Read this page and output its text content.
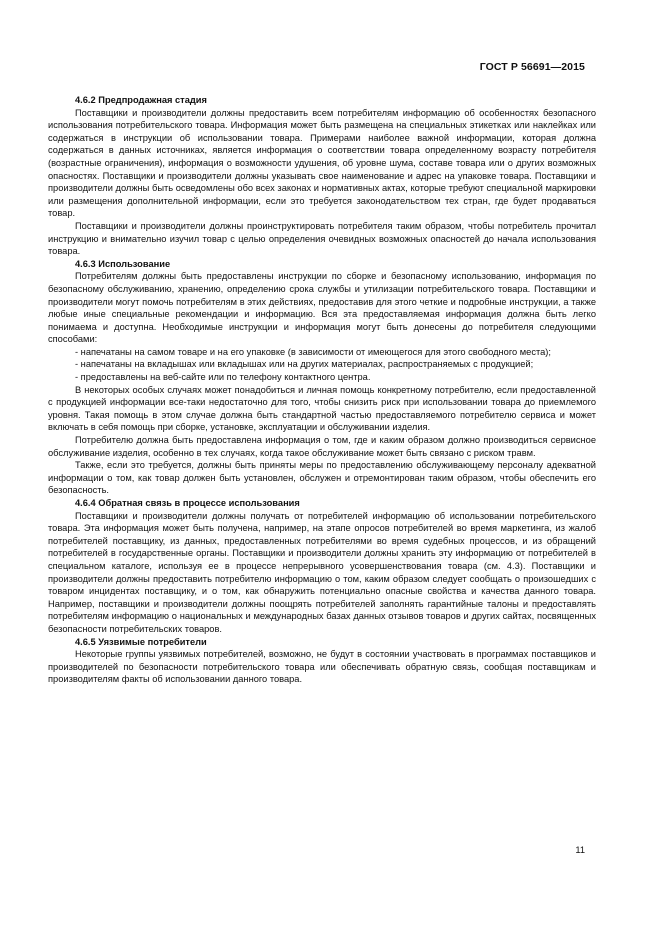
ГОСТ Р 56691—2015
4.6.2 Предпродажная стадия

Поставщики и производители должны предоставить всем потребителям информацию об особенностях безопасного использования потребительского товара. Информация может быть размещена на специальных этикетках или наклейках или содержаться в инструкции об использовании товара. Примерами наиболее важной информации, которая должна содержаться в данных источниках, является информация о соответствии товара определенному возрасту потребителя (возрастные ограничения), информация о возможности удушения, об уровне шума, составе товара или о других возможных опасностях. Поставщики и производители должны указывать свое наименование и адрес на упаковке товара. Поставщики и производители должны быть осведомлены обо всех законах и нормативных актах, которые требуют специальной маркировки или размещения дополнительной информации, если это требуется законодательством тех стран, где будет продаваться товар.

Поставщики и производители должны проинструктировать потребителя таким образом, чтобы потребитель прочитал инструкцию и внимательно изучил товар с целью определения очевидных возможных опасностей до начала использования товара.

4.6.3 Использование

Потребителям должны быть предоставлены инструкции по сборке и безопасному использованию, информация по безопасному обслуживанию, хранению, определению срока службы и утилизации потребительского товара. Поставщики и производители могут помочь потребителям в этих действиях, предоставив для этого четкие и подробные инструкции, а также любые иные специальные рекомендации и информацию. Вся эта предоставляемая информация должна быть легко понимаема и доступна. Необходимые инструкции и информация могут быть донесены до потребителя следующими способами:

- напечатаны на самом товаре и на его упаковке (в зависимости от имеющегося для этого свободного места);

- напечатаны на вкладышах или вкладышах или на других материалах, распространяемых с продукцией;

- предоставлены на веб-сайте или по телефону контактного центра.

В некоторых особых случаях может понадобиться и личная помощь конкретному потребителю, если предоставленной с продукцией информации все-таки недостаточно для того, чтобы снизить риск при использовании товара до приемлемого уровня. Такая помощь в этом случае должна быть стандартной частью предоставляемого потребителю сервиса и может включать в себя помощь при сборке, установке, эксплуатации и обслуживании изделия.

Потребителю должна быть предоставлена информация о том, где и каким образом должно производиться сервисное обслуживание изделия, особенно в тех случаях, когда такое обслуживание может быть связано с риском травм.

Также, если это требуется, должны быть приняты меры по предоставлению обслуживающему персоналу адекватной информации о том, как товар должен быть установлен, обслужен и отремонтирован таким образом, чтобы обеспечить его безопасность.

4.6.4 Обратная связь в процессе использования

Поставщики и производители должны получать от потребителей информацию об использовании потребительского товара. Эта информация может быть получена, например, на этапе опросов потребителей во время маркетинга, из жалоб потребителей поставщику, из данных, предоставленных потребителями во время судебных процессов, и из обращений потребителей в государственные органы. Поставщики и производители должны хранить эту информацию от потребителей в специальном каталоге, используя ее в процессе непрерывного усовершенствования товара (см. 4.3). Поставщики и производители должны предоставить потребителю информацию о том, каким образом следует сообщать о произошедших с товаром инцидентах поставщику, и о том, как обнаружить потенциально опасные свойства и качества данного товара. Например, поставщики и производители должны поощрять потребителей заполнять гарантийные талоны и предоставлять потребителям информацию о национальных и международных базах данных отзывов товаров и других сайтах, посвященных безопасности потребительских товаров.

4.6.5 Уязвимые потребители

Некоторые группы уязвимых потребителей, возможно, не будут в состоянии участвовать в программах поставщиков и производителей по безопасности потребительского товара или обеспечивать обратную связь, сообщая поставщикам и производителям факты об использовании данного товара.

11
